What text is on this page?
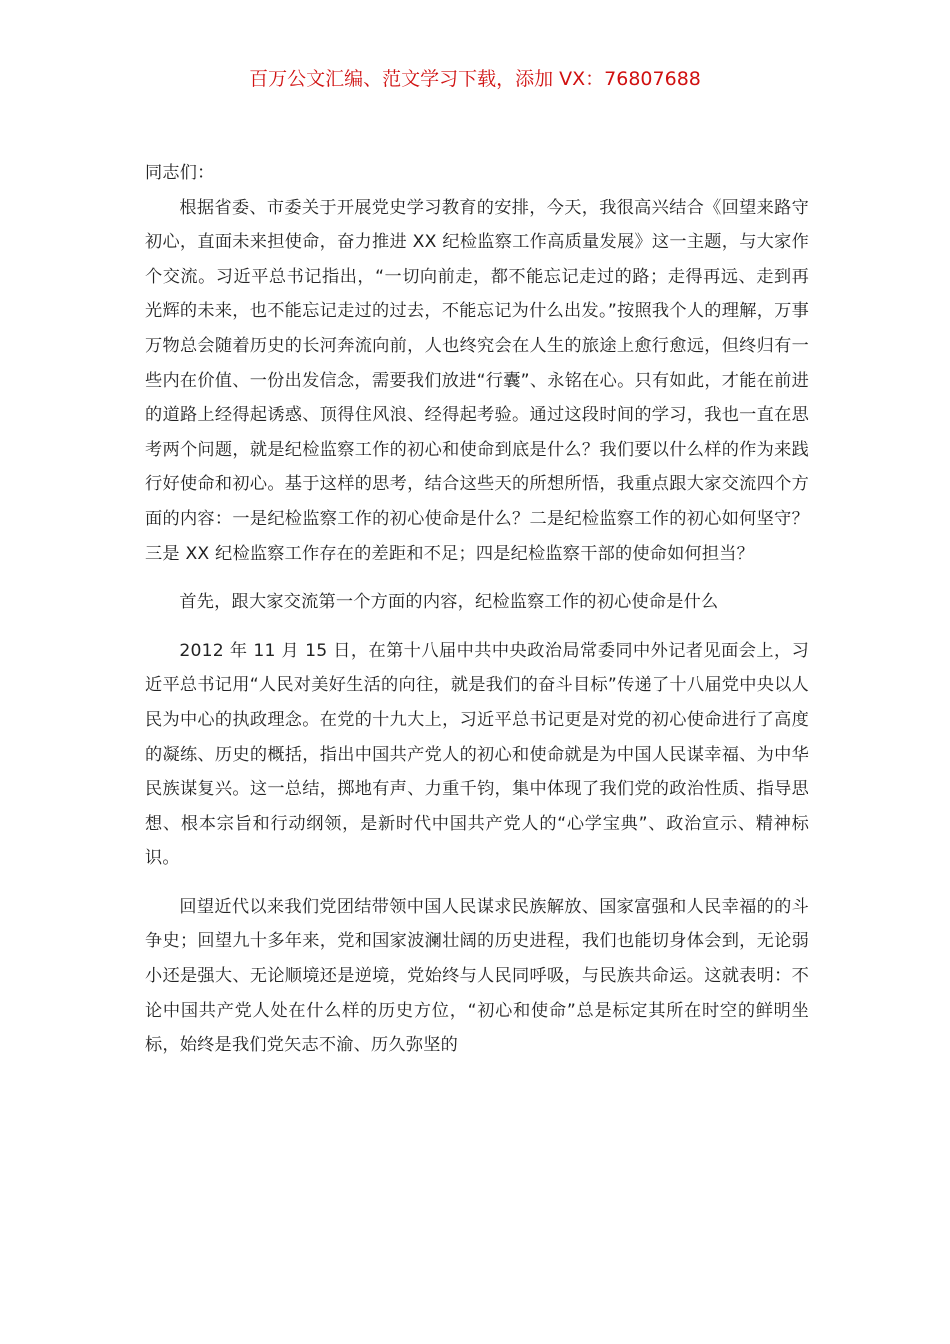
百万公文汇编、范文学习下载，添加 VX：76807688

同志们：

根据省委、市委关于开展党史学习教育的安排，今天，我很高兴结合《回望来路守初心，直面未来担使命，奋力推进 XX 纪检监察工作高质量发展》这一主题，与大家作个交流。习近平总书记指出，“一切向前走，都不能忘记走过的路；走得再远、走到再光辉的未来，也不能忘记走过的过去，不能忘记为什么出发。”按照我个人的理解，万事万物总会随着历史的长河奔流向前，人也终究会在人生的旅途上愈行愈远，但终归有一些内在价值、一份出发信念，需要我们放进“行囊”、永铭在心。只有如此，才能在前进的道路上经得起诱惑、顶得住风浪、经得起考验。通过这段时间的学习，我也一直在思考两个问题，就是纪检监察工作的初心和使命到底是什么？我们要以什么样的作为来践行好使命和初心。基于这样的思考，结合这些天的所想所悟，我重点跟大家交流四个方面的内容：一是纪检监察工作的初心使命是什么？二是纪检监察工作的初心如何坚守？三是 XX 纪检监察工作存在的差距和不足；四是纪检监察干部的使命如何担当？

首先，跟大家交流第一个方面的内容，纪检监察工作的初心使命是什么

2012 年 11 月 15 日，在第十八届中共中央政治局常委同中外记者见面会上，习近平总书记用“人民对美好生活的向往，就是我们的奋斗目标”传递了十八届党中央以人民为中心的执政理念。在党的十九大上，习近平总书记更是对党的初心使命进行了高度的凝练、历史的概括，指出中国共产党人的初心和使命就是为中国人民谋幸福、为中华民族谋复兴。这一总结，掷地有声、力重千钧，集中体现了我们党的政治性质、指导思想、根本宗旨和行动纲领，是新时代中国共产党人的“心学宝典”、政治宣示、精神标识。

回望近代以来我们党团结带领中国人民谋求民族解放、国家富强和人民幸福的的斗争史；回望九十多年来，党和国家波澜壮阔的历史进程，我们也能切身体会到，无论弱小还是强大、无论顺境还是逆境，党始终与人民同呼吸，与民族共命运。这就表明：不论中国共产党人处在什么样的历史方位，“初心和使命”总是标定其所在时空的鲜明坐标，始终是我们党矢志不渝、历久弥坚的
